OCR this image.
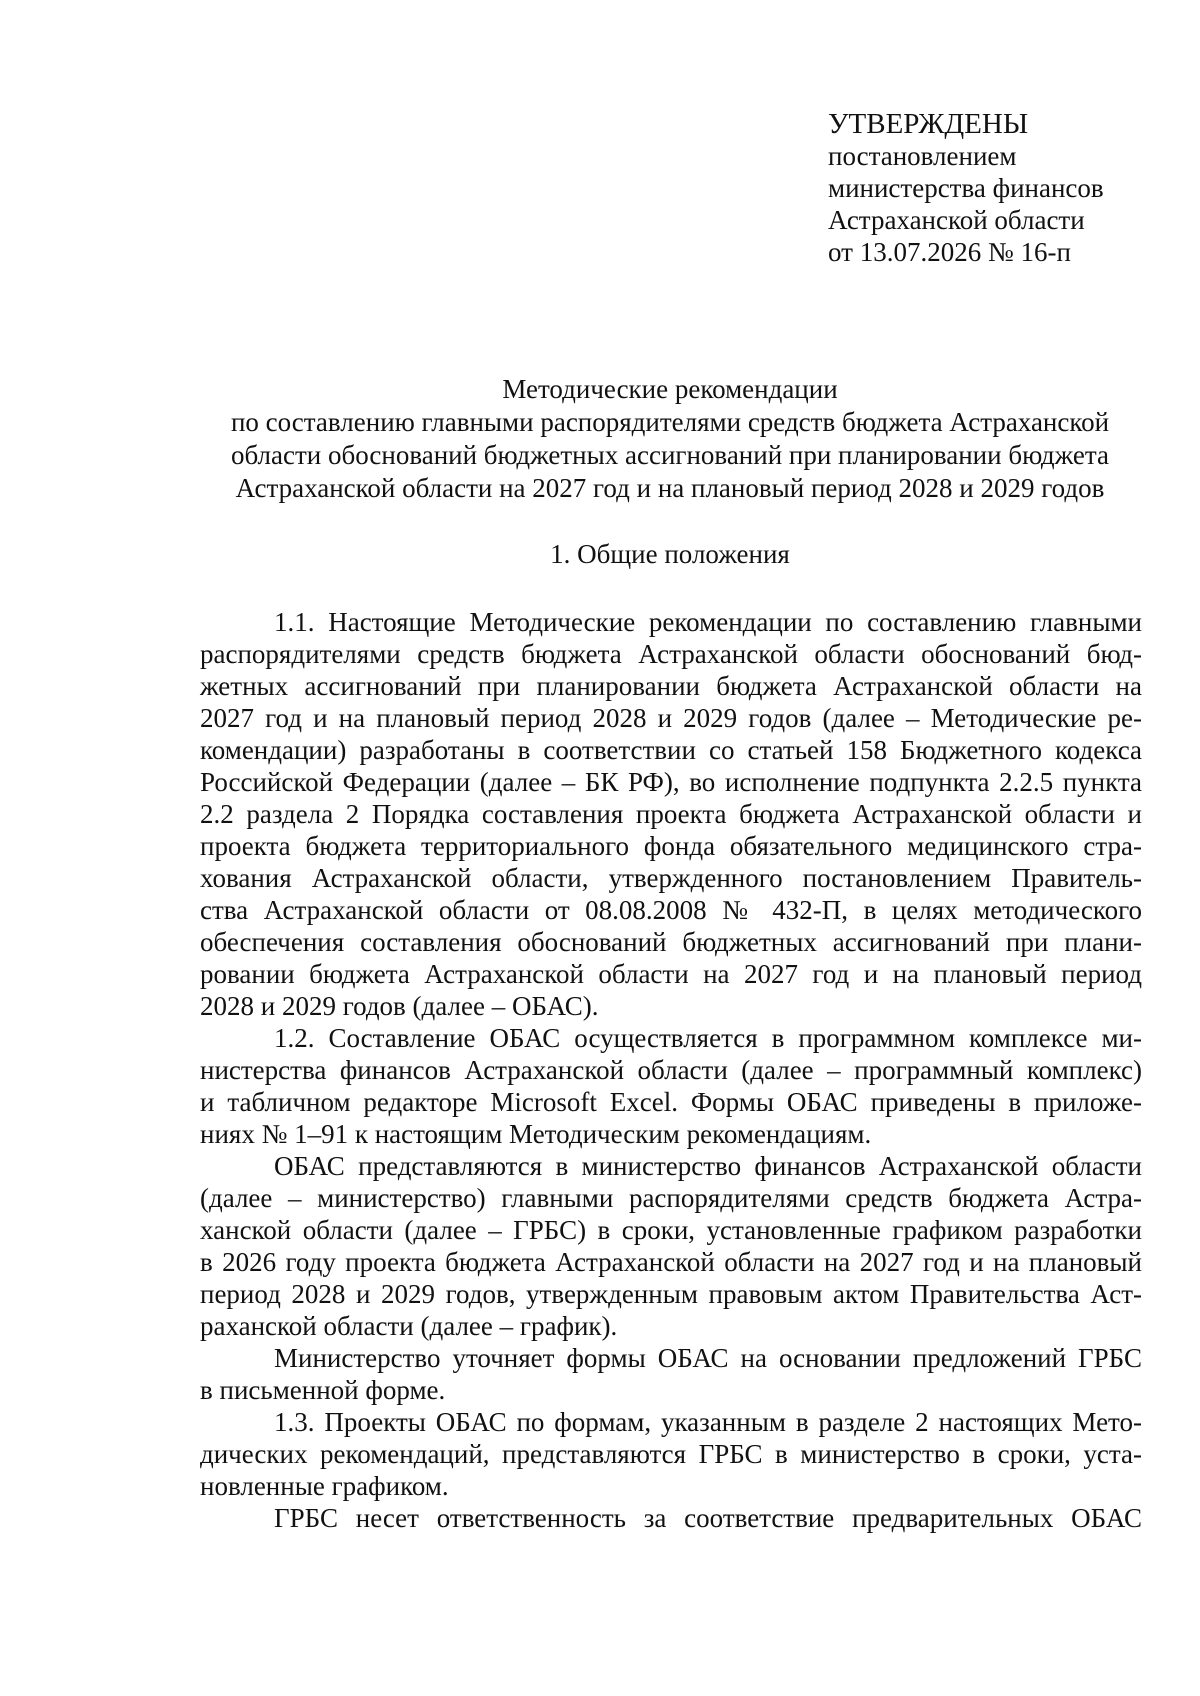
УТВЕРЖДЕНЫ
постановлением
министерства финансов
Астраханской области
от 13.07.2026 № 16-п
Методические рекомендации
по составлению главными распорядителями средств бюджета Астраханской
области обоснований бюджетных ассигнований при планировании бюджета
Астраханской области на 2027 год и на плановый период 2028 и 2029 годов
1. Общие положения
1.1. Настоящие Методические рекомендации по составлению главными
распорядителями средств бюджета Астраханской области обоснований бюд-
жетных ассигнований при планировании бюджета Астраханской области на
2027 год и на плановый период 2028 и 2029 годов (далее – Методические ре-
комендации) разработаны в соответствии со статьей 158 Бюджетного кодекса
Российской Федерации (далее – БК РФ), во исполнение подпункта 2.2.5 пункта
2.2 раздела 2 Порядка составления проекта бюджета Астраханской области и
проекта бюджета территориального фонда обязательного медицинского стра-
хования Астраханской области, утвержденного постановлением Правитель-
ства Астраханской области от 08.08.2008 № 432-П, в целях методического
обеспечения составления обоснований бюджетных ассигнований при плани-
ровании бюджета Астраханской области на 2027 год и на плановый период
2028 и 2029 годов (далее – ОБАС).
1.2. Составление ОБАС осуществляется в программном комплексе ми-
нистерства финансов Астраханской области (далее – программный комплекс)
и табличном редакторе Microsoft Excel. Формы ОБАС приведены в приложе-
ниях № 1–91 к настоящим Методическим рекомендациям.
ОБАС представляются в министерство финансов Астраханской области
(далее – министерство) главными распорядителями средств бюджета Астра-
ханской области (далее – ГРБС) в сроки, установленные графиком разработки
в 2026 году проекта бюджета Астраханской области на 2027 год и на плановый
период 2028 и 2029 годов, утвержденным правовым актом Правительства Аст-
раханской области (далее – график).
Министерство уточняет формы ОБАС на основании предложений ГРБС
в письменной форме.
1.3. Проекты ОБАС по формам, указанным в разделе 2 настоящих Мето-
дических рекомендаций, представляются ГРБС в министерство в сроки, уста-
новленные графиком.
ГРБС несет ответственность за соответствие предварительных ОБАС
